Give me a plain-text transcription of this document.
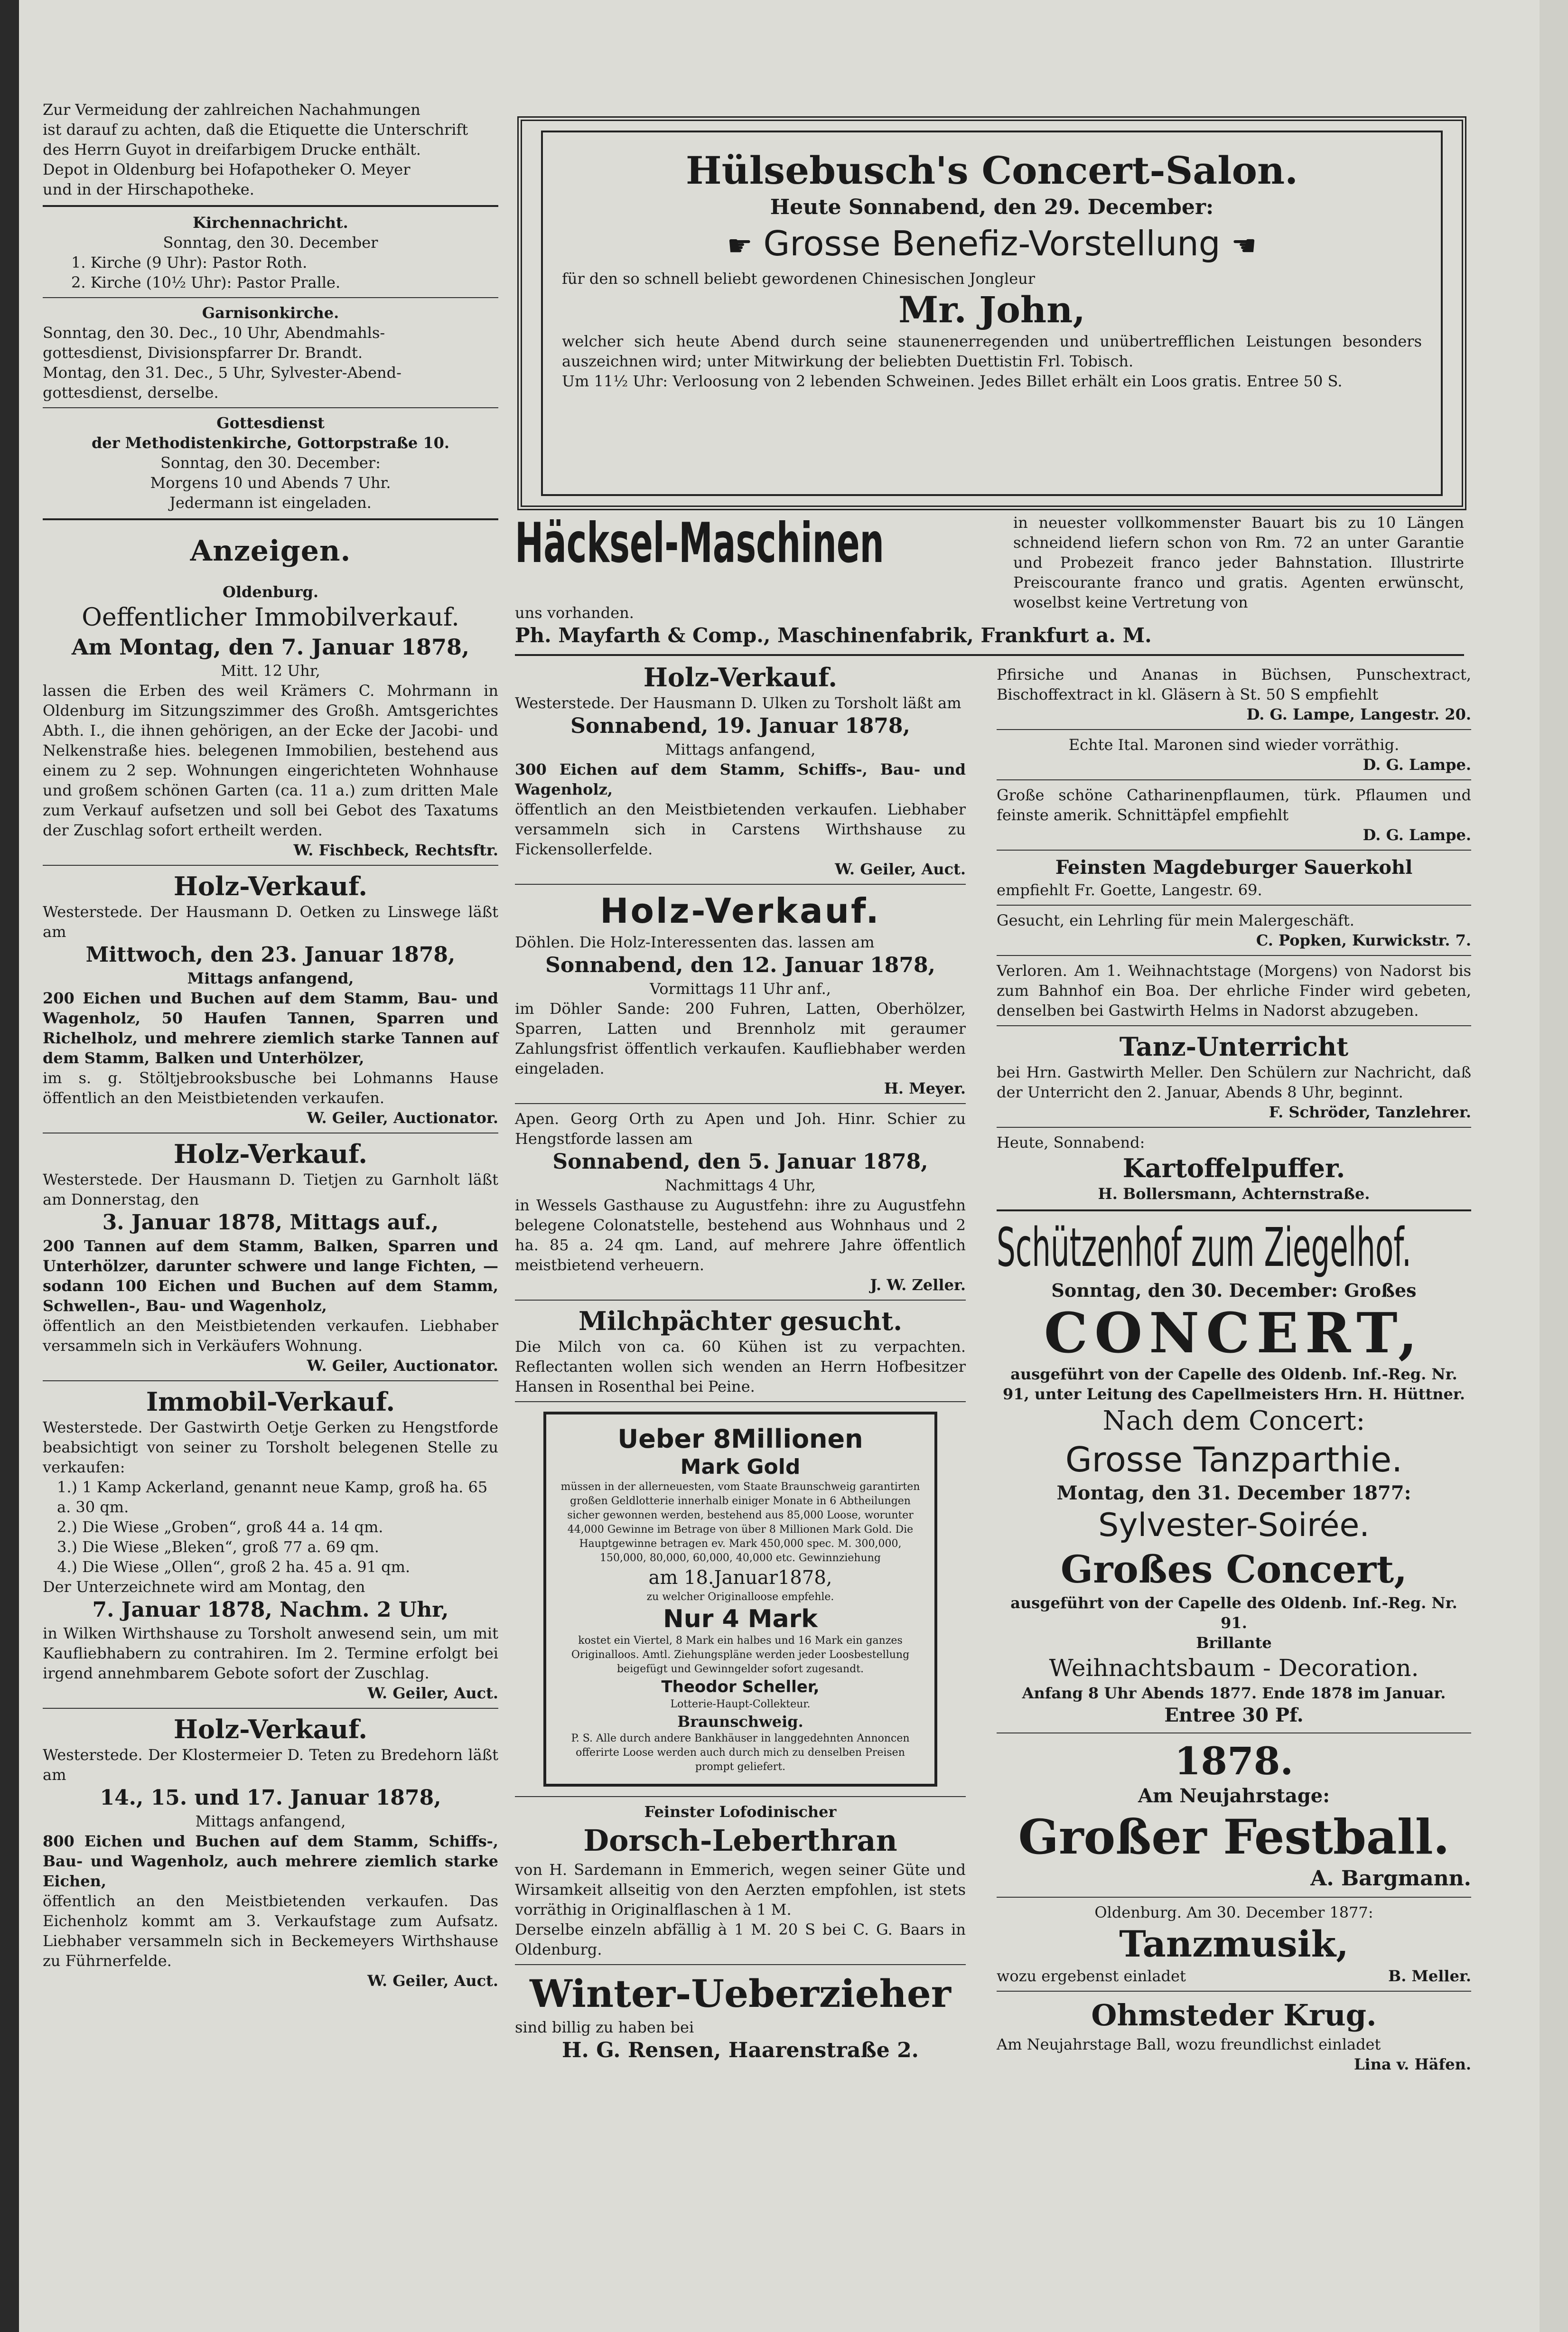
Zur Vermeidung der zahlreichen Nachahmungen
ist darauf zu achten, daß die Etiquette die Unterschrift
des Herrn Guyot in dreifarbigem Drucke enthält.
Depot in Oldenburg bei Hofapotheker O. Meyer
und in der Hirschapotheke.
Kirchennachricht.
Sonntag, den 30. December
1. Kirche (9 Uhr): Pastor Roth.
2. Kirche (10½ Uhr): Pastor Pralle.
Garnisonkirche.
Sonntag, den 30. Dec., 10 Uhr, Abendmahls-
gottesdienst, Divisionspfarrer Dr. Brandt.
Montag, den 31. Dec., 5 Uhr, Sylvester-Abend-
gottesdienst, derselbe.
Gottesdienst
der Methodistenkirche, Gottorpstraße 10.
Sonntag, den 30. December:
Morgens 10 und Abends 7 Uhr.
Jedermann ist eingeladen.
Anzeigen.
Oldenburg.
Oeffentlicher Immobilverkauf.
Am Montag, den 7. Januar 1878,
Mitt. 12 Uhr,
lassen die Erben des weil Krämers C. Mohrmann in Oldenburg im Sitzungszimmer des Großh. Amtsgerichtes Abth. I., die ihnen gehörigen, an der Ecke der Jacobi- und Nelkenstraße hies. belegenen Immobilien, bestehend aus einem zu 2 sep. Wohnungen eingerichteten Wohnhause und großem schönen Garten (ca. 11 a.) zum dritten Male zum Verkauf aufsetzen und soll bei Gebot des Taxatums der Zuschlag sofort ertheilt werden.
W. Fischbeck, Rechtsftr.
Holz-Verkauf.
Westerstede. Der Hausmann D. Oetken zu Linswege läßt am
Mittwoch, den 23. Januar 1878,
Mittags anfangend,
200 Eichen und Buchen auf dem Stamm, Bau- und Wagenholz, 50 Haufen Tannen, Sparren und Richelholz, und mehrere ziemlich starke Tannen auf dem Stamm, Balken und Unterhölzer,
im s. g. Stöltjebrooksbusche bei Lohmanns Hause öffentlich an den Meistbietenden verkaufen.
W. Geiler, Auctionator.
Holz-Verkauf.
Westerstede. Der Hausmann D. Tietjen zu Garnholt läßt am Donnerstag, den
3. Januar 1878, Mittags auf.,
200 Tannen auf dem Stamm, Balken, Sparren und Unterhölzer, darunter schwere und lange Fichten, — sodann 100 Eichen und Buchen auf dem Stamm, Schwellen-, Bau- und Wagenholz,
öffentlich an den Meistbietenden verkaufen. Liebhaber versammeln sich in Verkäufers Wohnung.
W. Geiler, Auctionator.
Immobil-Verkauf.
Westerstede. Der Gastwirth Oetje Gerken zu Hengstforde beabsichtigt von seiner zu Torsholt belegenen Stelle zu verkaufen:
1.) 1 Kamp Ackerland, genannt neue Kamp, groß ha. 65 a. 30 qm.
2.) Die Wiese „Groben“, groß 44 a. 14 qm.
3.) Die Wiese „Bleken“, groß 77 a. 69 qm.
4.) Die Wiese „Ollen“, groß 2 ha. 45 a. 91 qm.
Der Unterzeichnete wird am Montag, den
7. Januar 1878, Nachm. 2 Uhr,
in Wilken Wirthshause zu Torsholt anwesend sein, um mit Kaufliebhabern zu contrahiren. Im 2. Termine erfolgt bei irgend annehmbarem Gebote sofort der Zuschlag.
W. Geiler, Auct.
Holz-Verkauf.
Westerstede. Der Klostermeier D. Teten zu Bredehorn läßt am
14., 15. und 17. Januar 1878,
Mittags anfangend,
800 Eichen und Buchen auf dem Stamm, Schiffs-, Bau- und Wagenholz, auch mehrere ziemlich starke Eichen,
öffentlich an den Meistbietenden verkaufen. Das Eichenholz kommt am 3. Verkaufstage zum Aufsatz. Liebhaber versammeln sich in Beckemeyers Wirthshause zu Führnerfelde.
W. Geiler, Auct.
Hülsebusch's Concert-Salon.
Heute Sonnabend, den 29. December:
☛ Grosse Benefiz-Vorstellung ☚
für den so schnell beliebt gewordenen Chinesischen Jongleur
Mr. John,
welcher sich heute Abend durch seine staunenerregenden und unübertrefflichen Leistungen besonders auszeichnen wird; unter Mitwirkung der beliebten Duettistin Frl. Tobisch.
Um 11½ Uhr: Verloosung von 2 lebenden Schweinen. Jedes Billet erhält ein Loos gratis. Entree 50 S.
Häcksel-Maschinen	in neuester vollkommenster Bauart bis zu 10 Längen schneidend liefern schon von Rm. 72 an unter Garantie und Probezeit franco jeder Bahnstation. Illustrirte Preiscourante franco und gratis. Agenten erwünscht, woselbst keine Vertretung von
uns vorhanden.
Ph. Mayfarth & Comp., Maschinenfabrik, Frankfurt a. M.
Holz-Verkauf.
Westerstede. Der Hausmann D. Ulken zu Torsholt läßt am
Sonnabend, 19. Januar 1878,
Mittags anfangend,
300 Eichen auf dem Stamm, Schiffs-, Bau- und Wagenholz,
öffentlich an den Meistbietenden verkaufen. Liebhaber versammeln sich in Carstens Wirthshause zu Fickensollerfelde.
W. Geiler, Auct.
Holz-Verkauf.
Döhlen. Die Holz-Interessenten das. lassen am
Sonnabend, den 12. Januar 1878,
Vormittags 11 Uhr anf.,
im Döhler Sande: 200 Fuhren, Latten, Oberhölzer, Sparren, Latten und Brennholz mit geraumer Zahlungsfrist öffentlich verkaufen. Kaufliebhaber werden eingeladen.
H. Meyer.
Apen. Georg Orth zu Apen und Joh. Hinr. Schier zu Hengstforde lassen am
Sonnabend, den 5. Januar 1878,
Nachmittags 4 Uhr,
in Wessels Gasthause zu Augustfehn: ihre zu Augustfehn belegene Colonatstelle, bestehend aus Wohnhaus und 2 ha. 85 a. 24 qm. Land, auf mehrere Jahre öffentlich meistbietend verheuern.
J. W. Zeller.
Milchpächter gesucht.
Die Milch von ca. 60 Kühen ist zu verpachten. Reflectanten wollen sich wenden an Herrn Hofbesitzer Hansen in Rosenthal bei Peine.
Ueber 8Millionen
Mark Gold
müssen in der allerneuesten, vom Staate Braunschweig garantirten großen Geldlotterie innerhalb einiger Monate in 6 Abtheilungen sicher gewonnen werden, bestehend aus 85,000 Loose, worunter 44,000 Gewinne im Betrage von über 8 Millionen Mark Gold. Die Hauptgewinne betragen ev. Mark 450,000 spec. M. 300,000, 150,000, 80,000, 60,000, 40,000 etc. Gewinnziehung
am 18.Januar1878,
zu welcher Originalloose empfehle.
Nur 4 Mark
kostet ein Viertel, 8 Mark ein halbes und 16 Mark ein ganzes Originalloos. Amtl. Ziehungspläne werden jeder Loosbestellung beigefügt und Gewinngelder sofort zugesandt.
Theodor Scheller,
Lotterie-Haupt-Collekteur.
Braunschweig.
P. S. Alle durch andere Bankhäuser in langgedehnten Annoncen offerirte Loose werden auch durch mich zu denselben Preisen prompt geliefert.
Feinster Lofodinischer
Dorsch-Leberthran
von H. Sardemann in Emmerich, wegen seiner Güte und Wirsamkeit allseitig von den Aerzten empfohlen, ist stets vorräthig in Originalflaschen à 1 M.
Derselbe einzeln abfällig à 1 M. 20 S bei C. G. Baars in Oldenburg.
Winter-Ueberzieher
sind billig zu haben bei
H. G. Rensen, Haarenstraße 2.
Pfirsiche und Ananas in Büchsen, Punschextract, Bischoffextract in kl. Gläsern à St. 50 S empfiehlt
D. G. Lampe, Langestr. 20.
Echte Ital. Maronen sind wieder vorräthig.
D. G. Lampe.
Große schöne Catharinenpflaumen, türk. Pflaumen und feinste amerik. Schnittäpfel empfiehlt
D. G. Lampe.
Feinsten Magdeburger Sauerkohl
empfiehlt Fr. Goette, Langestr. 69.
Gesucht, ein Lehrling für mein Malergeschäft.
C. Popken, Kurwickstr. 7.
Verloren. Am 1. Weihnachtstage (Morgens) von Nadorst bis zum Bahnhof ein Boa. Der ehrliche Finder wird gebeten, denselben bei Gastwirth Helms in Nadorst abzugeben.
Tanz-Unterricht
bei Hrn. Gastwirth Meller. Den Schülern zur Nachricht, daß der Unterricht den 2. Januar, Abends 8 Uhr, beginnt.
F. Schröder, Tanzlehrer.
Heute, Sonnabend:
Kartoffelpuffer.
H. Bollersmann, Achternstraße.
Schützenhof zum Ziegelhof.
Sonntag, den 30. December: Großes
CONCERT,
ausgeführt von der Capelle des Oldenb. Inf.-Reg. Nr. 91, unter Leitung des Capellmeisters Hrn. H. Hüttner.
Nach dem Concert:
Grosse Tanzparthie.
Montag, den 31. December 1877:
Sylvester-Soirée.
Großes Concert,
ausgeführt von der Capelle des Oldenb. Inf.-Reg. Nr. 91.
Brillante
Weihnachtsbaum - Decoration.
Anfang 8 Uhr Abends 1877. Ende 1878 im Januar.
Entree 30 Pf.
1878.
Am Neujahrstage:
Großer Festball.
A. Bargmann.
Oldenburg. Am 30. December 1877:
Tanzmusik,
wozu ergebenst einladet	B. Meller.
Ohmsteder Krug.
Am Neujahrstage Ball, wozu freundlichst einladet
Lina v. Häfen.
